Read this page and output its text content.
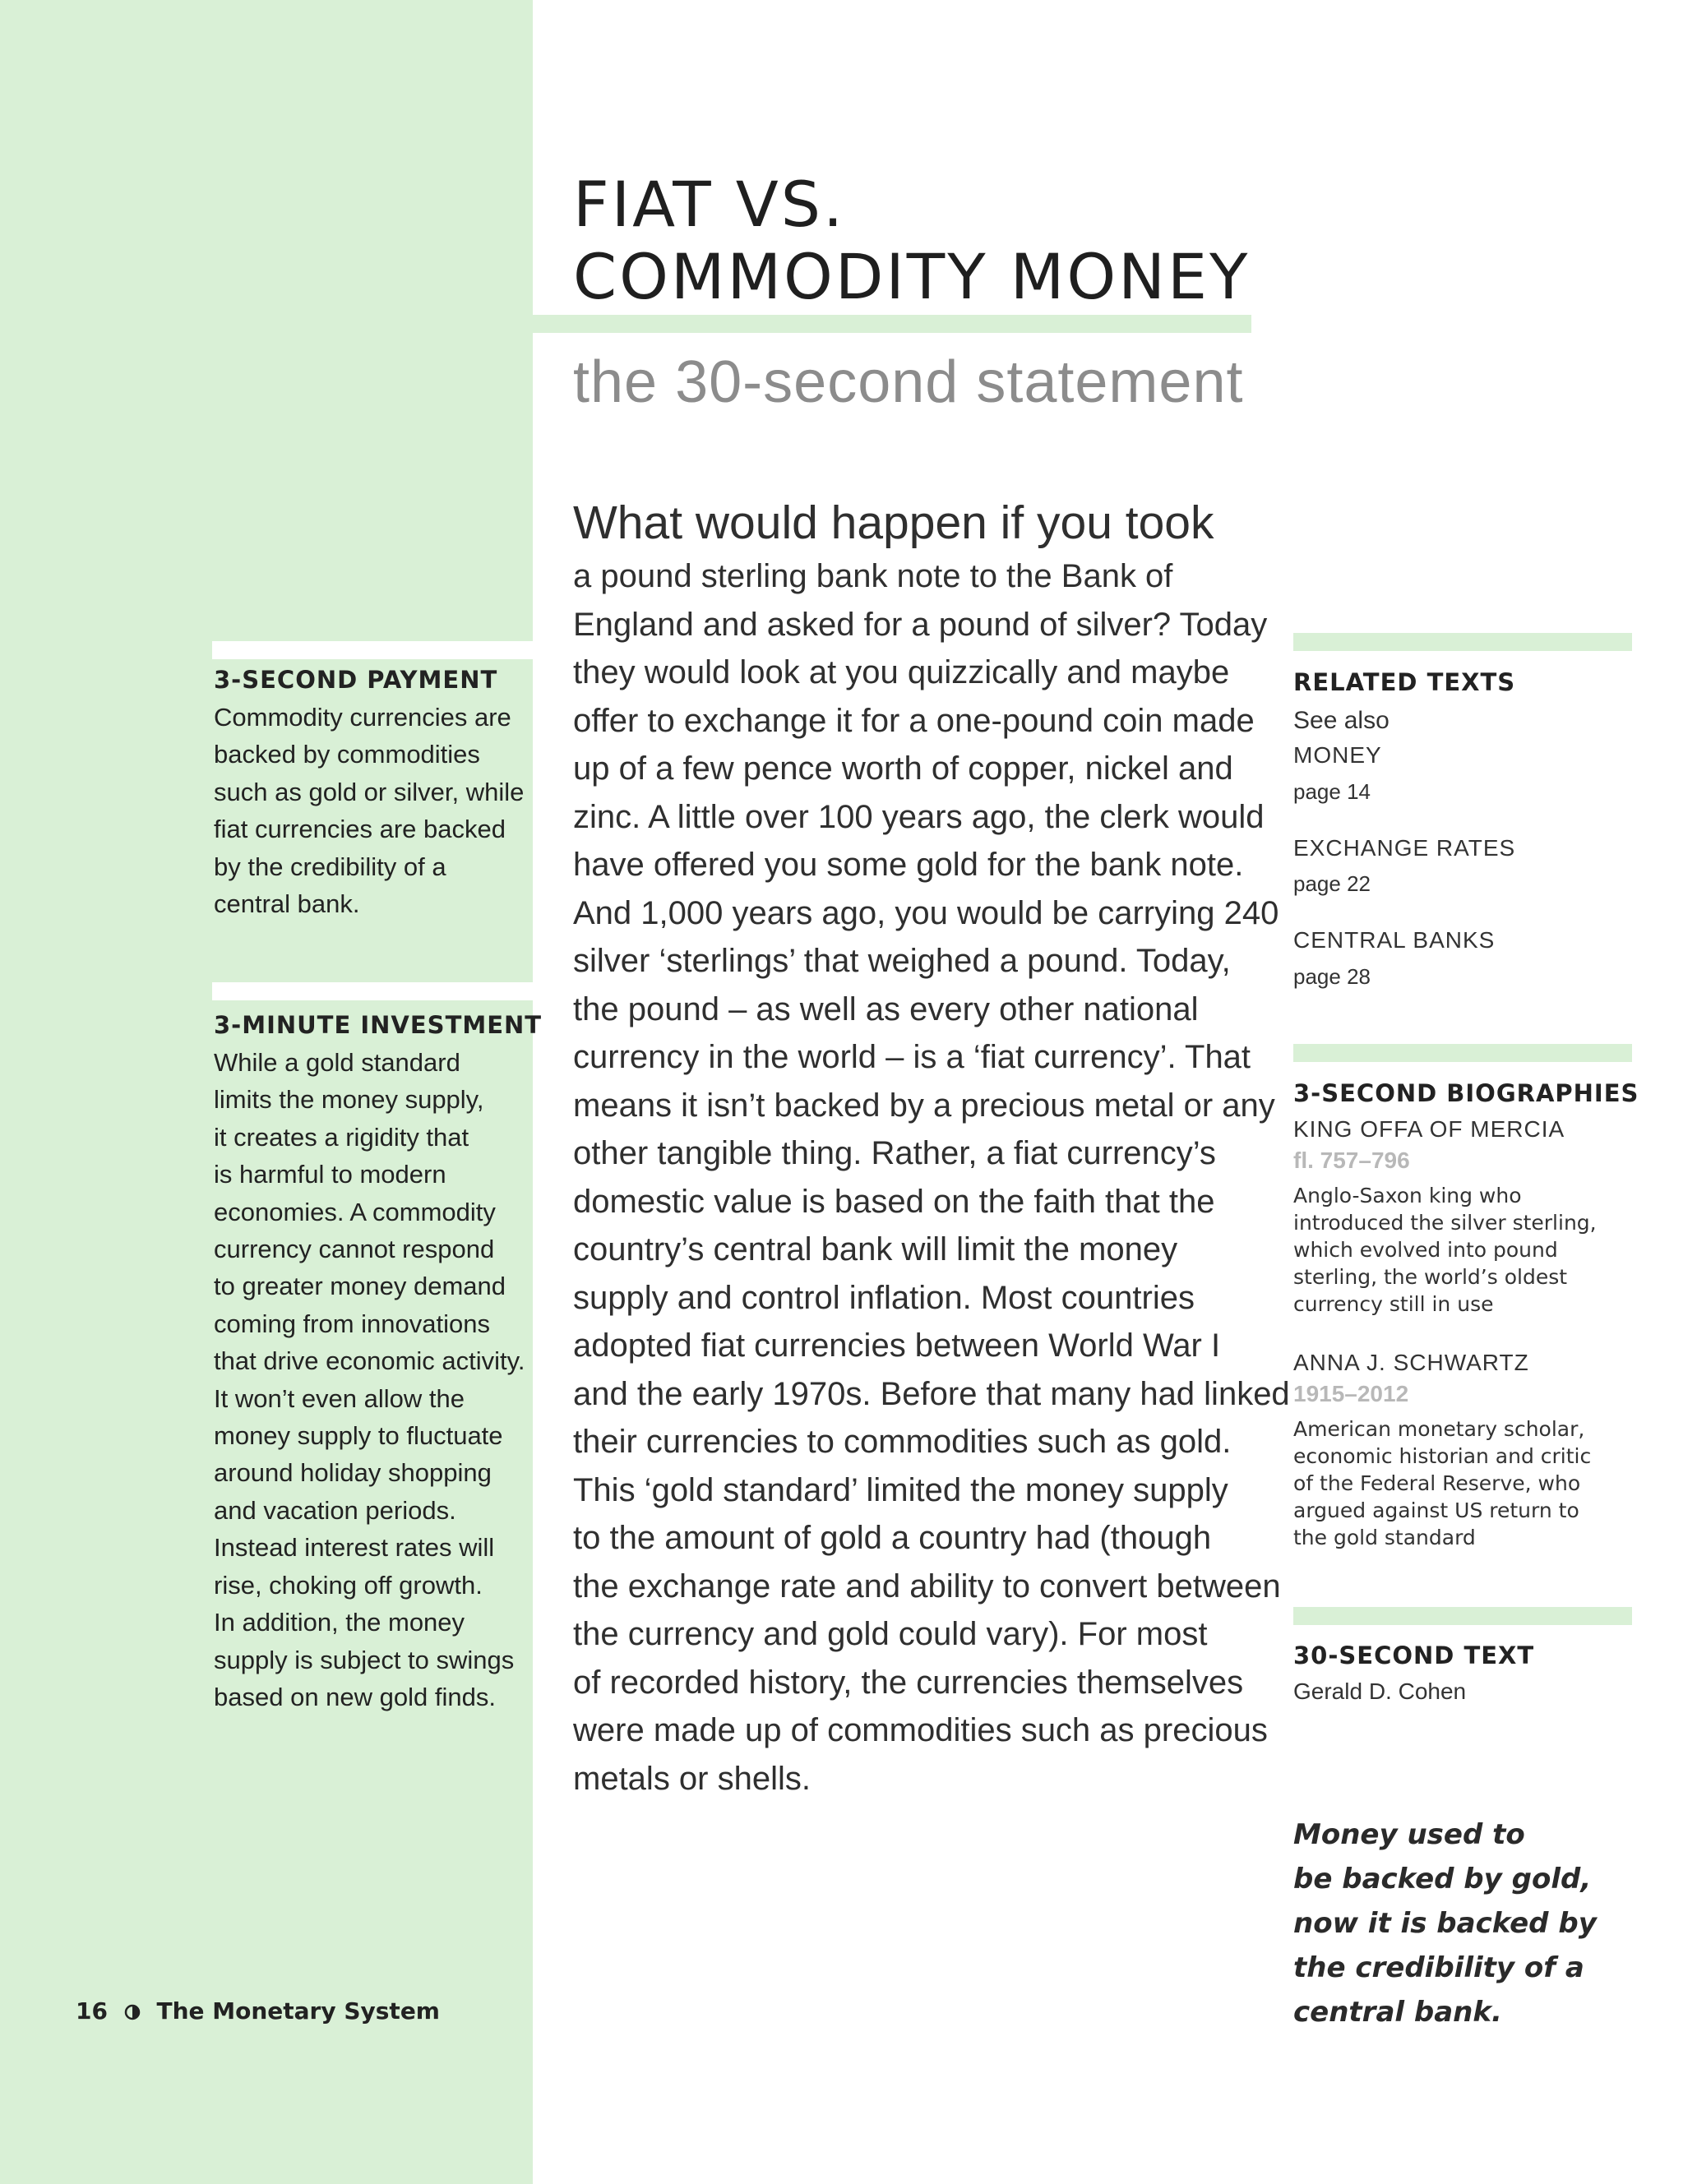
FIAT VS.
COMMODITY MONEY

the 30-second statement

What would happen if you took
a pound sterling bank note to the Bank of
England and asked for a pound of silver? Today
they would look at you quizzically and maybe
offer to exchange it for a one-pound coin made
up of a few pence worth of copper, nickel and
zinc. A little over 100 years ago, the clerk would
have offered you some gold for the bank note.
And 1,000 years ago, you would be carrying 240
silver ‘sterlings’ that weighed a pound. Today,
the pound – as well as every other national
currency in the world – is a ‘fiat currency’. That
means it isn’t backed by a precious metal or any
other tangible thing. Rather, a fiat currency’s
domestic value is based on the faith that the
country’s central bank will limit the money
supply and control inflation. Most countries
adopted fiat currencies between World War I
and the early 1970s. Before that many had linked
their currencies to commodities such as gold.
This ‘gold standard’ limited the money supply
to the amount of gold a country had (though
the exchange rate and ability to convert between
the currency and gold could vary). For most
of recorded history, the currencies themselves
were made up of commodities such as precious
metals or shells.

3-SECOND PAYMENT

Commodity currencies are
backed by commodities
such as gold or silver, while
fiat currencies are backed
by the credibility of a
central bank.

3-MINUTE INVESTMENT

While a gold standard
limits the money supply,
it creates a rigidity that
is harmful to modern
economies. A commodity
currency cannot respond
to greater money demand
coming from innovations
that drive economic activity.
It won’t even allow the
money supply to fluctuate
around holiday shopping
and vacation periods.
Instead interest rates will
rise, choking off growth.
In addition, the money
supply is subject to swings
based on new gold finds.
RELATED TEXTS
See also
MONEY
page 14
EXCHANGE RATES
page 22
CENTRAL BANKS
page 28
3-SECOND BIOGRAPHIES
KING OFFA OF MERCIA
fl. 757–796
Anglo-Saxon king who
introduced the silver sterling,
which evolved into pound
sterling, the world’s oldest
currency still in use
ANNA J. SCHWARTZ
1915–2012
American monetary scholar,
economic historian and critic
of the Federal Reserve, who
argued against US return to
the gold standard
30-SECOND TEXT
Gerald D. Cohen
Money used to
be backed by gold,
now it is backed by
the credibility of a
central bank.
16 The Monetary System
